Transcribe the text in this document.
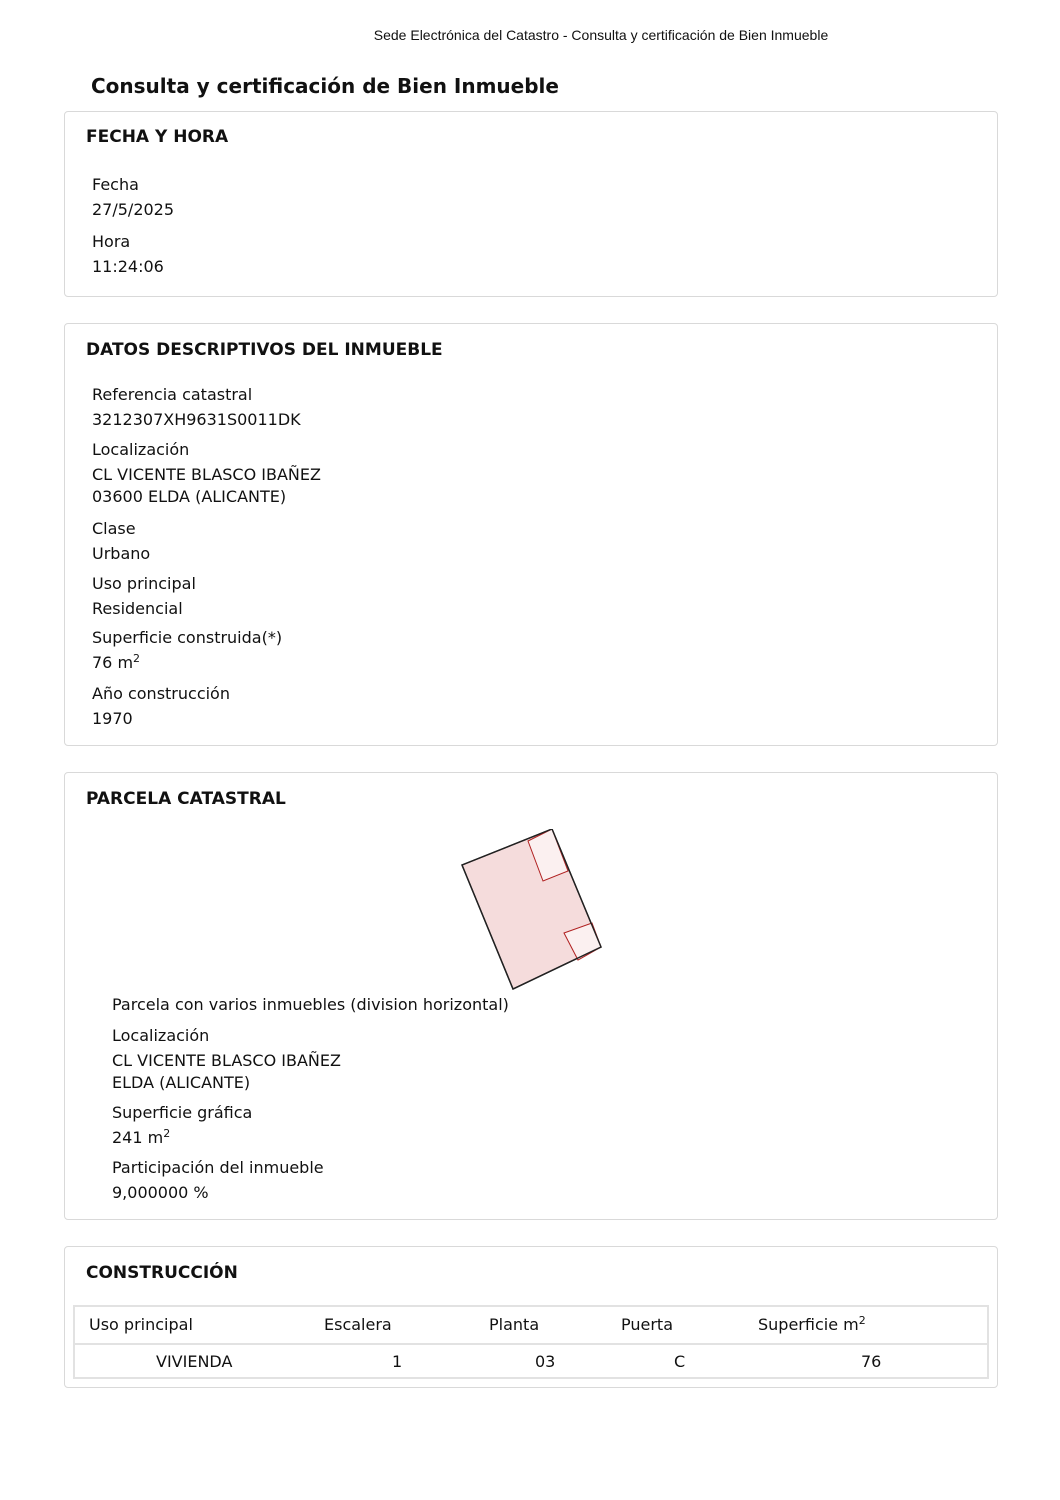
Sede Electrónica del Catastro - Consulta y certificación de Bien Inmueble
Consulta y certificación de Bien Inmueble
FECHA Y HORA
Fecha
27/5/2025
Hora
11:24:06
DATOS DESCRIPTIVOS DEL INMUEBLE
Referencia catastral
3212307XH9631S0011DK
Localización
CL VICENTE BLASCO IBAÑEZ
03600 ELDA (ALICANTE)
Clase
Urbano
Uso principal
Residencial
Superficie construida(*)
76 $m^2$
Año construcción
1970
PARCELA CATASTRAL
Parcela con varios inmuebles (division horizontal)
Localización
CL VICENTE BLASCO IBAÑEZ
ELDA (ALICANTE)
Superficie gráfica
241 $m^2$
Participación del inmueble
9,000000 %
CONSTRUCCIÓN
Uso principal	Escalera	Planta	Puerta	Superficie $m^2$
VIVIENDA	1	03	C	76
